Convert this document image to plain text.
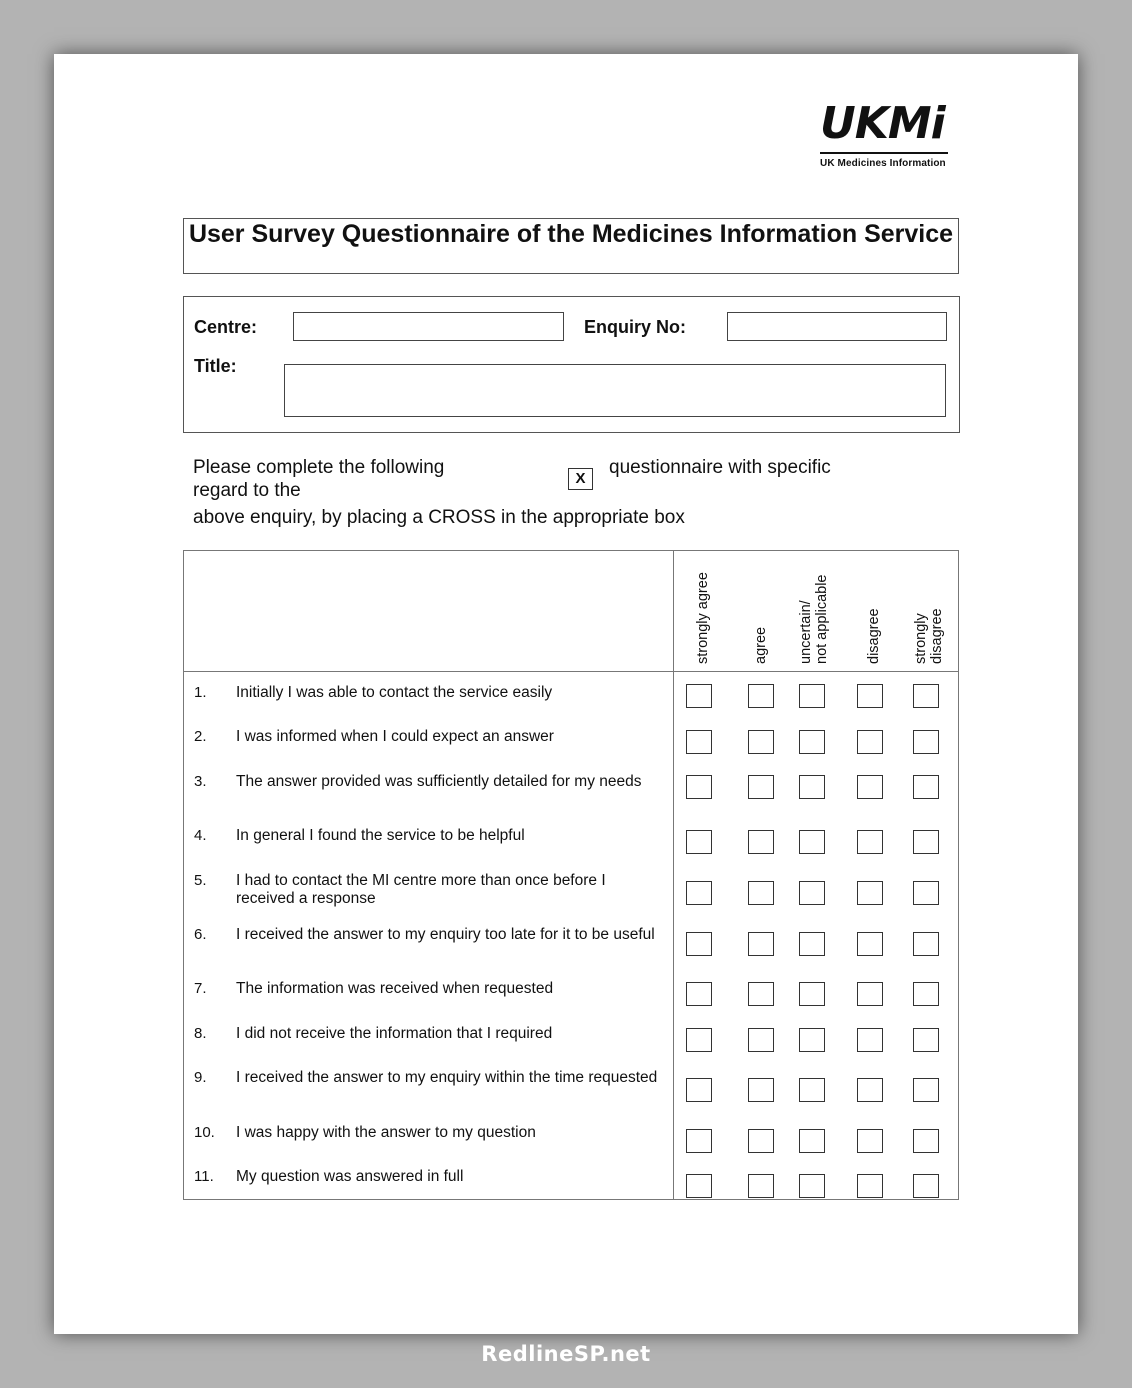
UKMi
UK Medicines Information
User Survey Questionnaire of the Medicines Information Service
Centre:	Enquiry No:
Title:
Please complete the following
regard to the
X
questionnaire with specific
above enquiry, by placing a CROSS in the appropriate box
strongly agree	agree uncertain/
not applicable disagree strongly
disagree
1. Initially I was able to contact the service easily
2. I was informed when I could expect an answer
3. The answer provided was sufficiently detailed for my needs
4. In general I found the service to be helpful
5. I had to contact the MI centre more than once before I received a response
6. I received the answer to my enquiry too late for it to be useful
7. The information was received when requested
8. I did not receive the information that I required
9. I received the answer to my enquiry within the time requested
10. I was happy with the answer to my question
11. My question was answered in full
RedlineSP.net
